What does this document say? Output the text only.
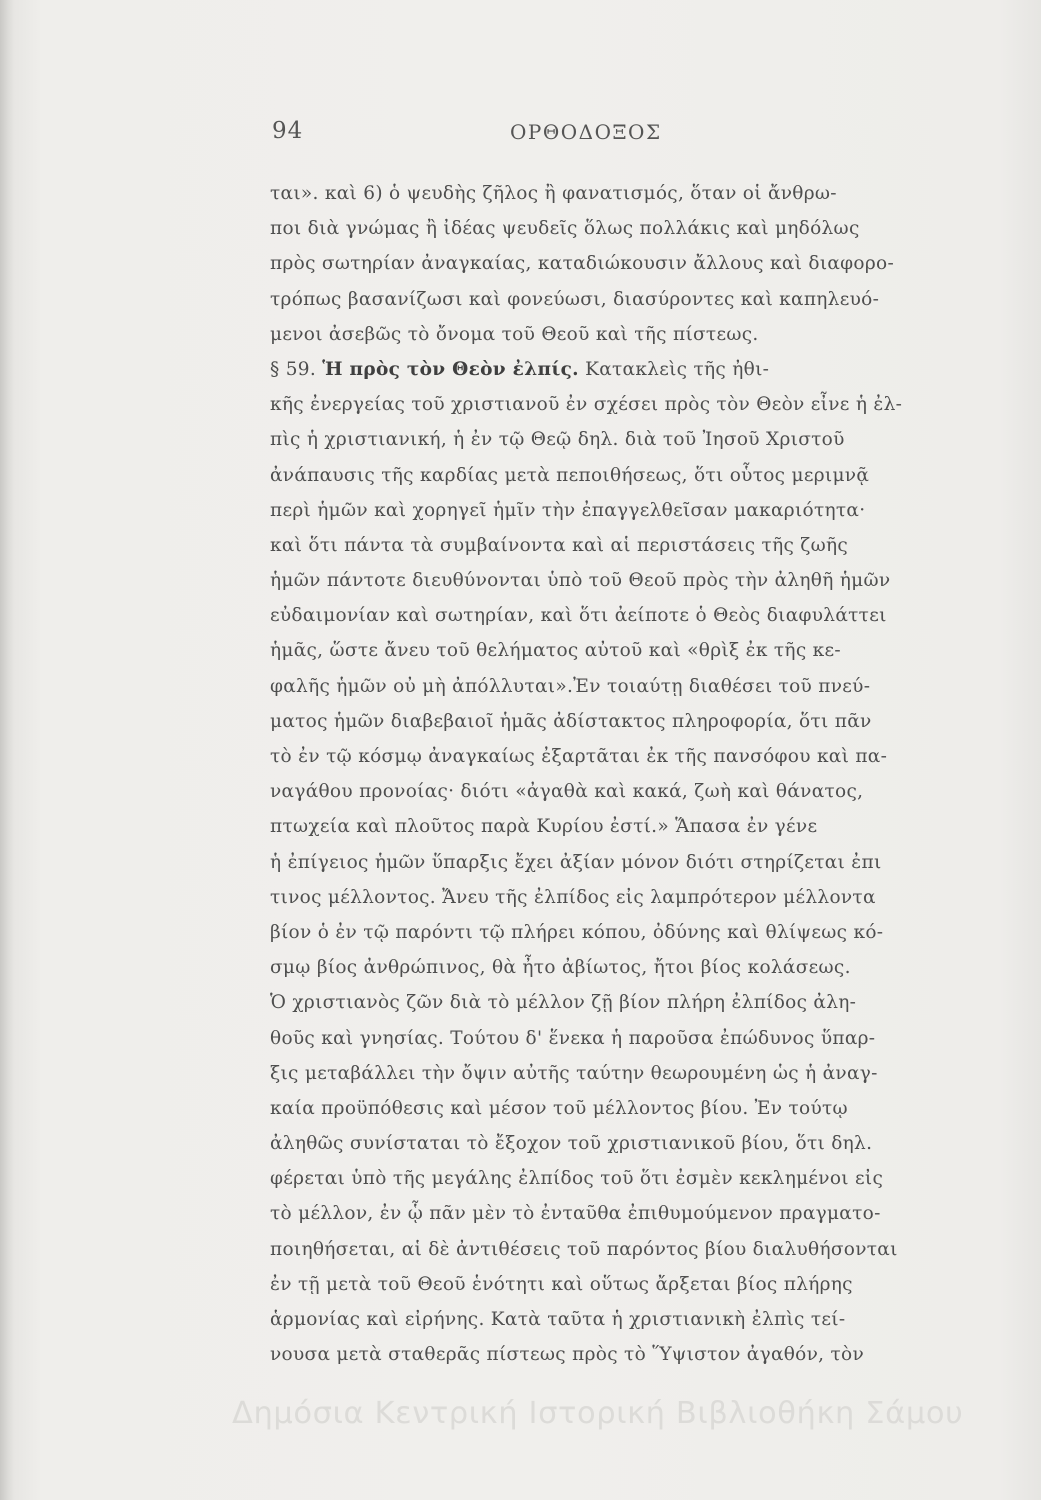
94	ΟΡΘΟΔΟΞΟΣ
ται». καὶ 6) ὁ ψευδὴς ζῆλος ἢ φανατισμός, ὅταν οἱ ἄνθρω-
ποι διὰ γνώμας ἢ ἰδέας ψευδεῖς ὅλως πολλάκις καὶ μηδόλως
πρὸς σωτηρίαν ἀναγκαίας, καταδιώκουσιν ἄλλους καὶ διαφορο-
τρόπως βασανίζωσι καὶ φονεύωσι, διασύροντες καὶ καπηλευό-
μενοι ἀσεβῶς τὸ ὄνομα τοῦ Θεοῦ καὶ τῆς πίστεως.
§ 59. Ἡ πρὸς τὸν Θεὸν ἐλπίς. Κατακλεὶς τῆς ἠθι-
κῆς ἐνεργείας τοῦ χριστιανοῦ ἐν σχέσει πρὸς τὸν Θεὸν εἶνε ἡ ἐλ-
πὶς ἡ χριστιανική, ἡ ἐν τῷ Θεῷ δηλ. διὰ τοῦ Ἰησοῦ Χριστοῦ
ἀνάπαυσις τῆς καρδίας μετὰ πεποιθήσεως, ὅτι οὗτος μεριμνᾷ
περὶ ἡμῶν καὶ χορηγεῖ ἡμῖν τὴν ἐπαγγελθεῖσαν μακαριότητα·
καὶ ὅτι πάντα τὰ συμβαίνοντα καὶ αἱ περιστάσεις τῆς ζωῆς
ἡμῶν πάντοτε διευθύνονται ὑπὸ τοῦ Θεοῦ πρὸς τὴν ἀληθῆ ἡμῶν
εὐδαιμονίαν καὶ σωτηρίαν, καὶ ὅτι ἀείποτε ὁ Θεὸς διαφυλάττει
ἡμᾶς, ὥστε ἄνευ τοῦ θελήματος αὐτοῦ καὶ «θρὶξ ἐκ τῆς κε-
φαλῆς ἡμῶν οὐ μὴ ἀπόλλυται».Ἐν τοιαύτῃ διαθέσει τοῦ πνεύ-
ματος ἡμῶν διαβεβαιοῖ ἡμᾶς ἀδίστακτος πληροφορία, ὅτι πᾶν
τὸ ἐν τῷ κόσμῳ ἀναγκαίως ἐξαρτᾶται ἐκ τῆς πανσόφου καὶ πα-
ναγάθου προνοίας· διότι «ἀγαθὰ καὶ κακά, ζωὴ καὶ θάνατος,
πτωχεία καὶ πλοῦτος παρὰ Κυρίου ἐστί.» Ἅπασα ἐν γένε
ἡ ἐπίγειος ἡμῶν ὕπαρξις ἔχει ἀξίαν μόνον διότι στηρίζεται ἐπι
τινος μέλλοντος. Ἄνευ τῆς ἐλπίδος εἰς λαμπρότερον μέλλοντα
βίον ὁ ἐν τῷ παρόντι τῷ πλήρει κόπου, ὀδύνης καὶ θλίψεως κό-
σμῳ βίος ἀνθρώπινος, θὰ ἦτο ἀβίωτος, ἤτοι βίος κολάσεως.
Ὁ χριστιανὸς ζῶν διὰ τὸ μέλλον ζῇ βίον πλήρη ἐλπίδος ἀλη-
θοῦς καὶ γνησίας. Τούτου δ' ἕνεκα ἡ παροῦσα ἐπώδυνος ὕπαρ-
ξις μεταβάλλει τὴν ὄψιν αὐτῆς ταύτην θεωρουμένη ὡς ἡ ἀναγ-
καία προϋπόθεσις καὶ μέσον τοῦ μέλλοντος βίου. Ἐν τούτῳ
ἀληθῶς συνίσταται τὸ ἔξοχον τοῦ χριστιανικοῦ βίου, ὅτι δηλ.
φέρεται ὑπὸ τῆς μεγάλης ἐλπίδος τοῦ ὅτι ἐσμὲν κεκλημένοι εἰς
τὸ μέλλον, ἐν ᾧ πᾶν μὲν τὸ ἐνταῦθα ἐπιθυμούμενον πραγματο-
ποιηθήσεται, αἱ δὲ ἀντιθέσεις τοῦ παρόντος βίου διαλυθήσονται
ἐν τῇ μετὰ τοῦ Θεοῦ ἑνότητι καὶ οὕτως ἄρξεται βίος πλήρης
ἁρμονίας καὶ εἰρήνης. Κατὰ ταῦτα ἡ χριστιανικὴ ἐλπὶς τεί-
νουσα μετὰ σταθερᾶς πίστεως πρὸς τὸ Ὕψιστον ἀγαθόν, τὸν
Δημόσια Κεντρική Ιστορική Βιβλιοθήκη Σάμου
